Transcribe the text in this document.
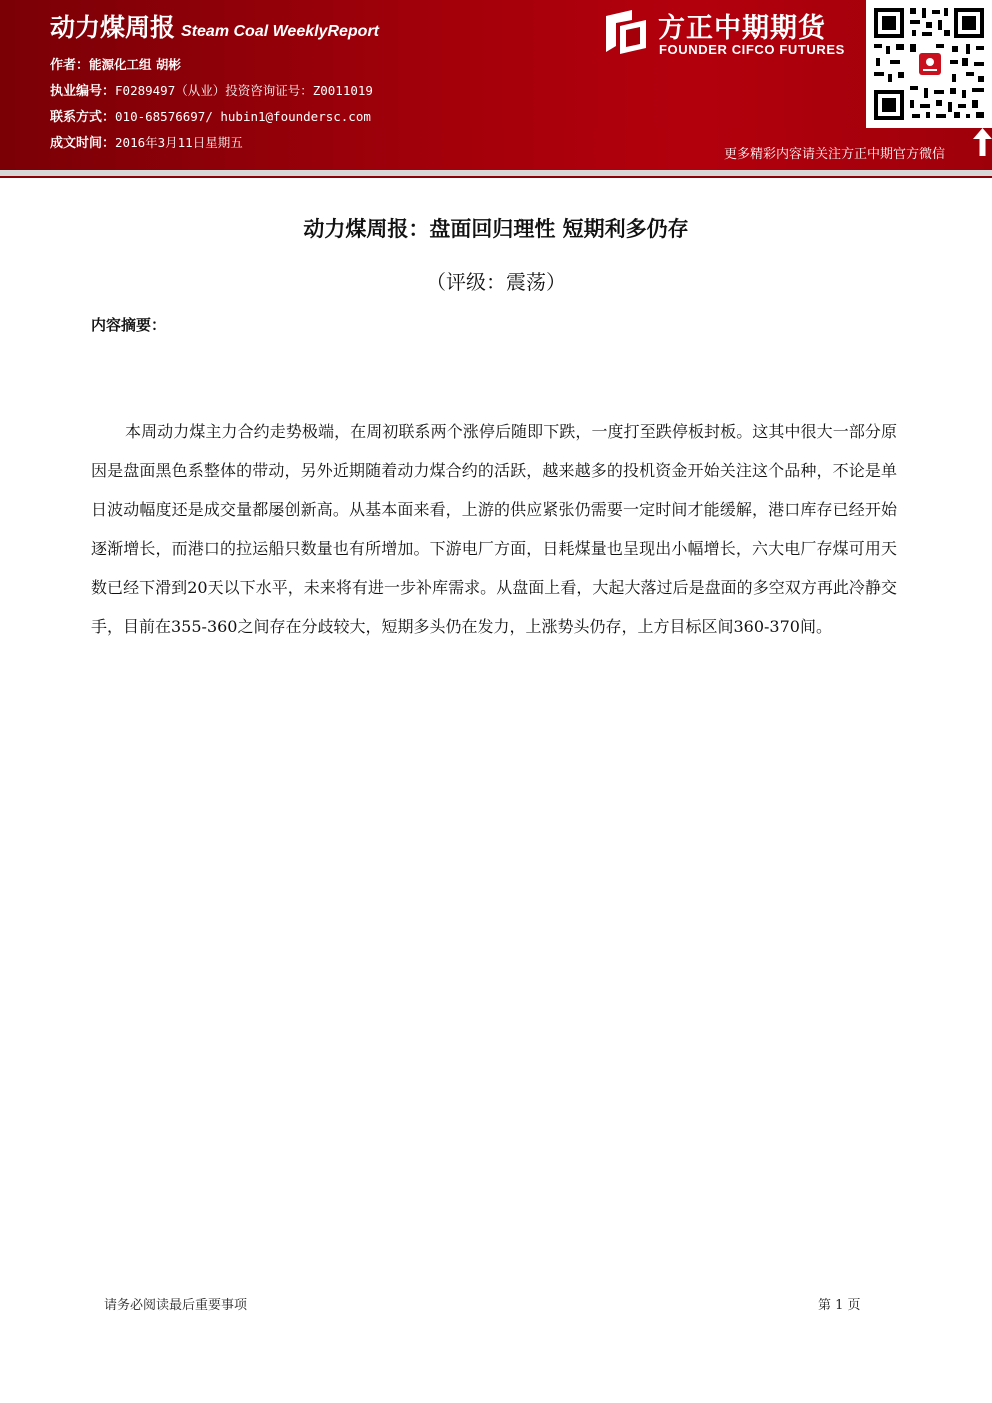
动力煤周报 Steam Coal WeeklyReport
作者：能源化工组 胡彬
执业编号：F0289497（从业）投资咨询证号：Z0011019
联系方式：010-68576697/ hubin1@foundersc.com
成文时间：2016年3月11日星期五
方正中期期货
FOUNDER CIFCO FUTURES
更多精彩内容请关注方正中期官方微信
动力煤周报：盘面回归理性 短期利多仍存
（评级：震荡）
内容摘要：
本周动力煤主力合约走势极端，在周初联系两个涨停后随即下跌，一度打至跌停板封板。这其中很大一部分原因是盘面黑色系整体的带动，另外近期随着动力煤合约的活跃，越来越多的投机资金开始关注这个品种，不论是单日波动幅度还是成交量都屡创新高。从基本面来看，上游的供应紧张仍需要一定时间才能缓解，港口库存已经开始逐渐增长，而港口的拉运船只数量也有所增加。下游电厂方面，日耗煤量也呈现出小幅增长，六大电厂存煤可用天数已经下滑到20天以下水平，未来将有进一步补库需求。从盘面上看，大起大落过后是盘面的多空双方再此冷静交手，目前在355-360之间存在分歧较大，短期多头仍在发力，上涨势头仍存，上方目标区间360-370间。
请务必阅读最后重要事项	第 1 页
